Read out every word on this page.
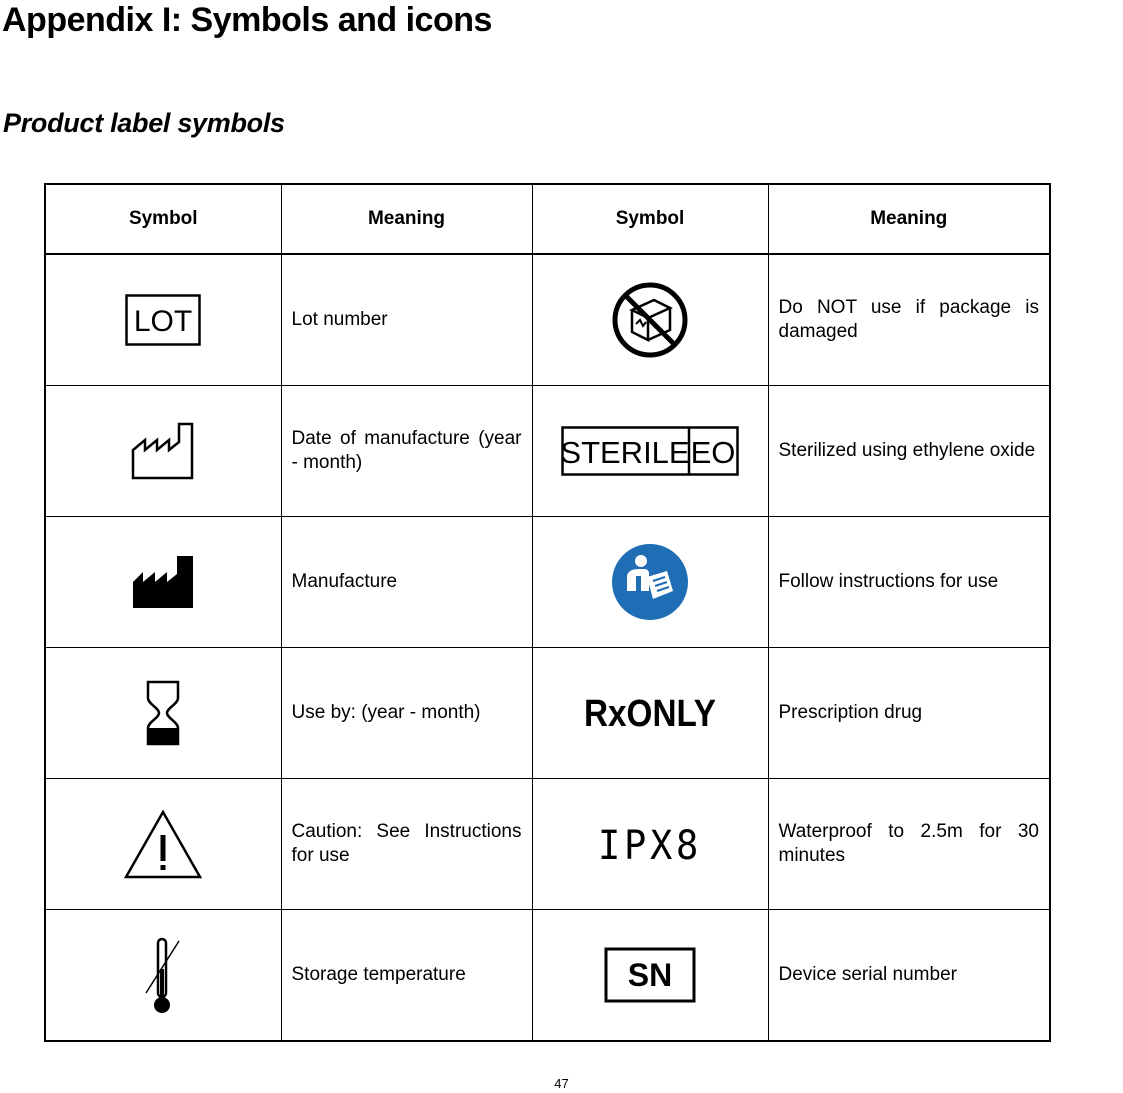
Appendix I: Symbols and icons
Product label symbols
Symbol	Meaning	Symbol	Meaning

LOT	Lot number		Do NOT use if package is damaged
	Date of manufacture (year - month)	STERILE EO	Sterilized using ethylene oxide
	Manufacture		Follow instructions for use
	Use by: (year - month)	RxONLY	Prescription drug
	Caution: See Instructions for use	IPX8	Waterproof to 2.5m for 30 minutes
	Storage temperature	SN	Device serial number
47
